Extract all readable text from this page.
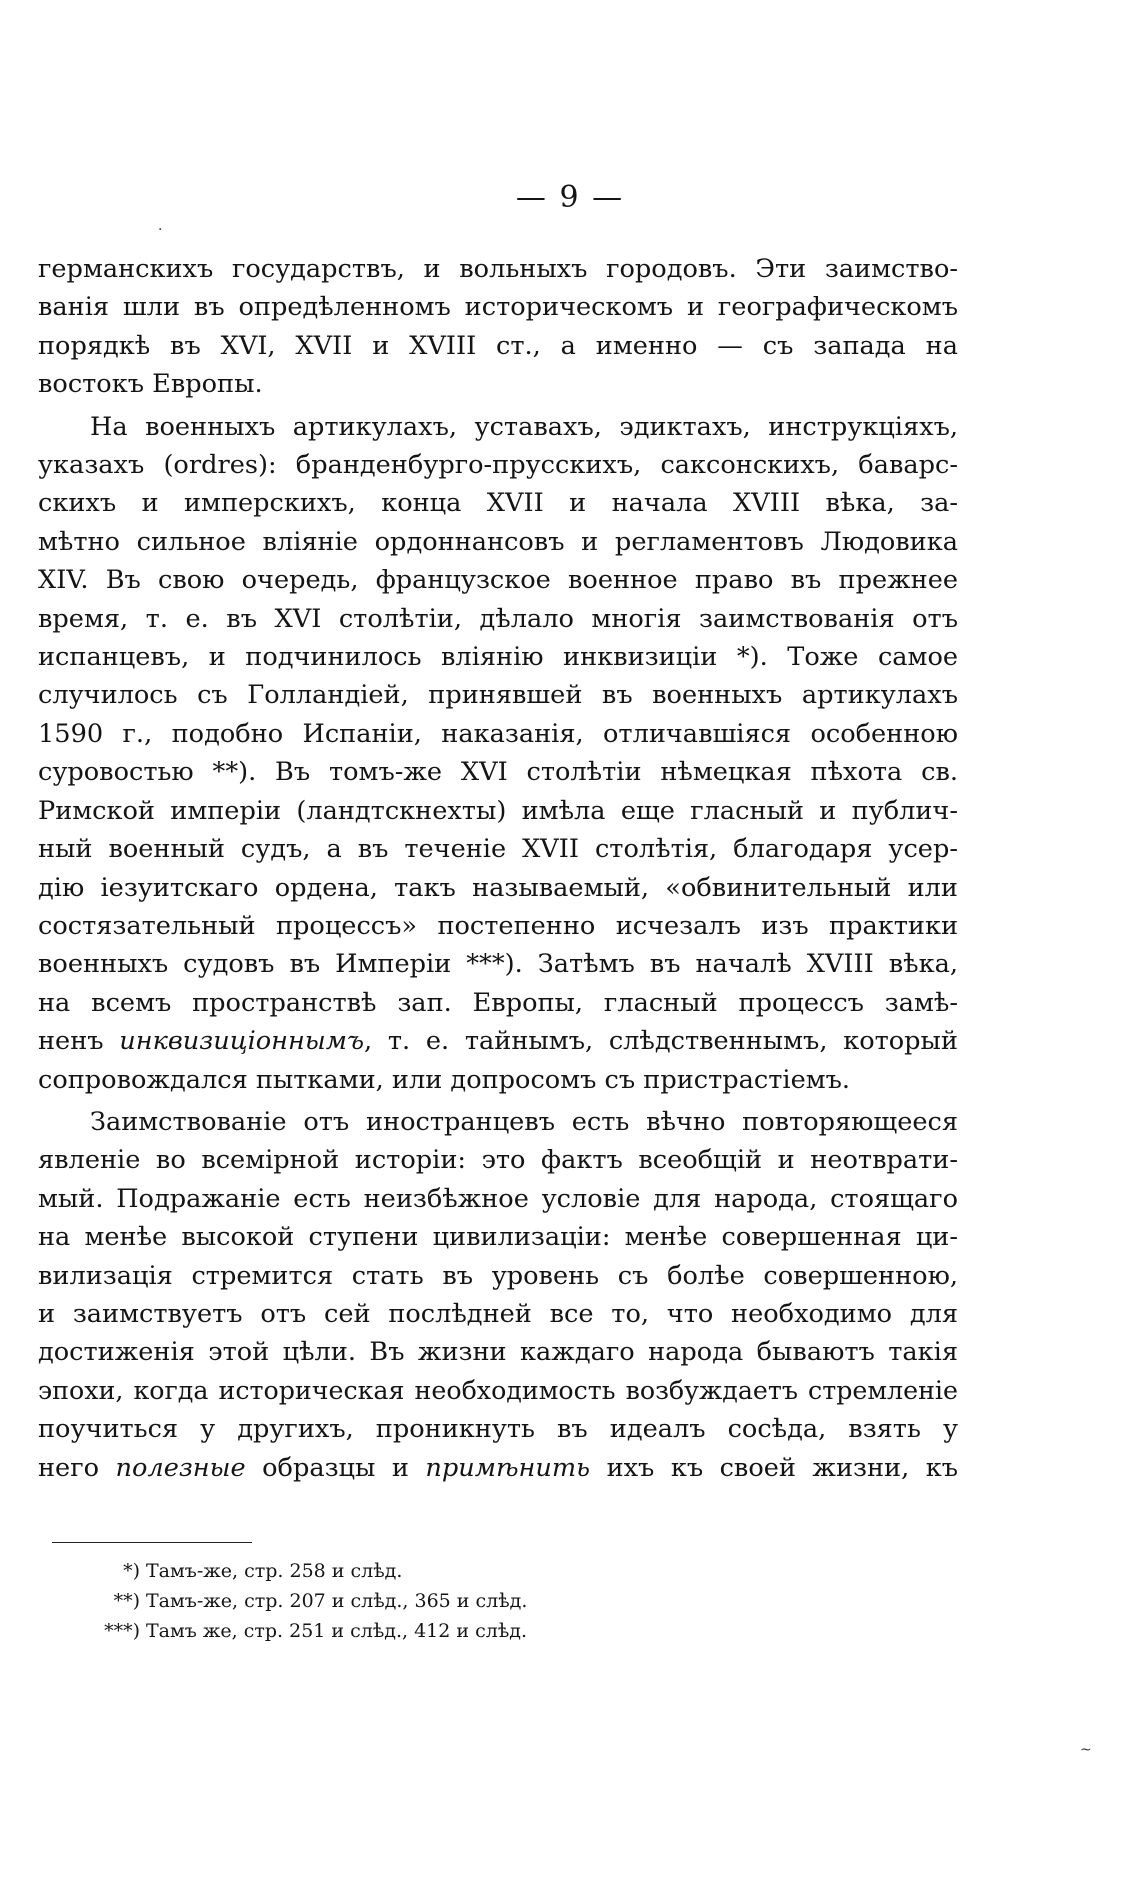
— 9 —
германскихъ государствъ, и вольныхъ городовъ. Эти заимство-
ванія шли въ опредѣленномъ историческомъ и географическомъ
порядкѣ въ XVI, XVII и XVIII ст., а именно — съ запада на
востокъ Европы.
На военныхъ артикулахъ, уставахъ, эдиктахъ, инструкціяхъ,
указахъ (ordres): бранденбурго-прусскихъ, саксонскихъ, баварс-
скихъ и имперскихъ, конца XVII и начала XVIII вѣка, за-
мѣтно сильное вліяніе ордоннансовъ и регламентовъ Людовика
XIV. Въ свою очередь, французское военное право въ прежнее
время, т. е. въ XVI столѣтіи, дѣлало многія заимствованія отъ
испанцевъ, и подчинилось вліянію инквизиціи *). Тоже самое
случилось съ Голландіей, принявшей въ военныхъ артикулахъ
1590 г., подобно Испаніи, наказанія, отличавшіяся особенною
суровостью **). Въ томъ-же XVI столѣтіи нѣмецкая пѣхота св.
Римской имперіи (ландтскнехты) имѣла еще гласный и публич-
ный военный судъ, а въ теченіе XVII столѣтія, благодаря усер-
дію іезуитскаго ордена, такъ называемый, «обвинительный или
состязательный процессъ» постепенно исчезалъ изъ практики
военныхъ судовъ въ Имперіи ***). Затѣмъ въ началѣ XVIII вѣка,
на всемъ пространствѣ зап. Европы, гласный процессъ замѣ-
ненъ инквизиціоннымъ, т. е. тайнымъ, слѣдственнымъ, который
сопровождался пытками, или допросомъ съ пристрастіемъ.
Заимствованіе отъ иностранцевъ есть вѣчно повторяющееся
явленіе во всемірной исторіи: это фактъ всеобщій и неотврати-
мый. Подражаніе есть неизбѣжное условіе для народа, стоящаго
на менѣе высокой ступени цивилизаціи: менѣе совершенная ци-
вилизація стремится стать въ уровень съ болѣе совершенною,
и заимствуетъ отъ сей послѣдней все то, что необходимо для
достиженія этой цѣли. Въ жизни каждаго народа бываютъ такія
эпохи, когда историческая необходимость возбуждаетъ стремленіе
поучиться у другихъ, проникнуть въ идеалъ сосѣда, взять у
него полезные образцы и примѣнить ихъ къ своей жизни, къ
*) Тамъ-же, стр. 258 и слѣд.
**) Тамъ-же, стр. 207 и слѣд., 365 и слѣд.
***) Тамъ же, стр. 251 и слѣд., 412 и слѣд.
·
~
